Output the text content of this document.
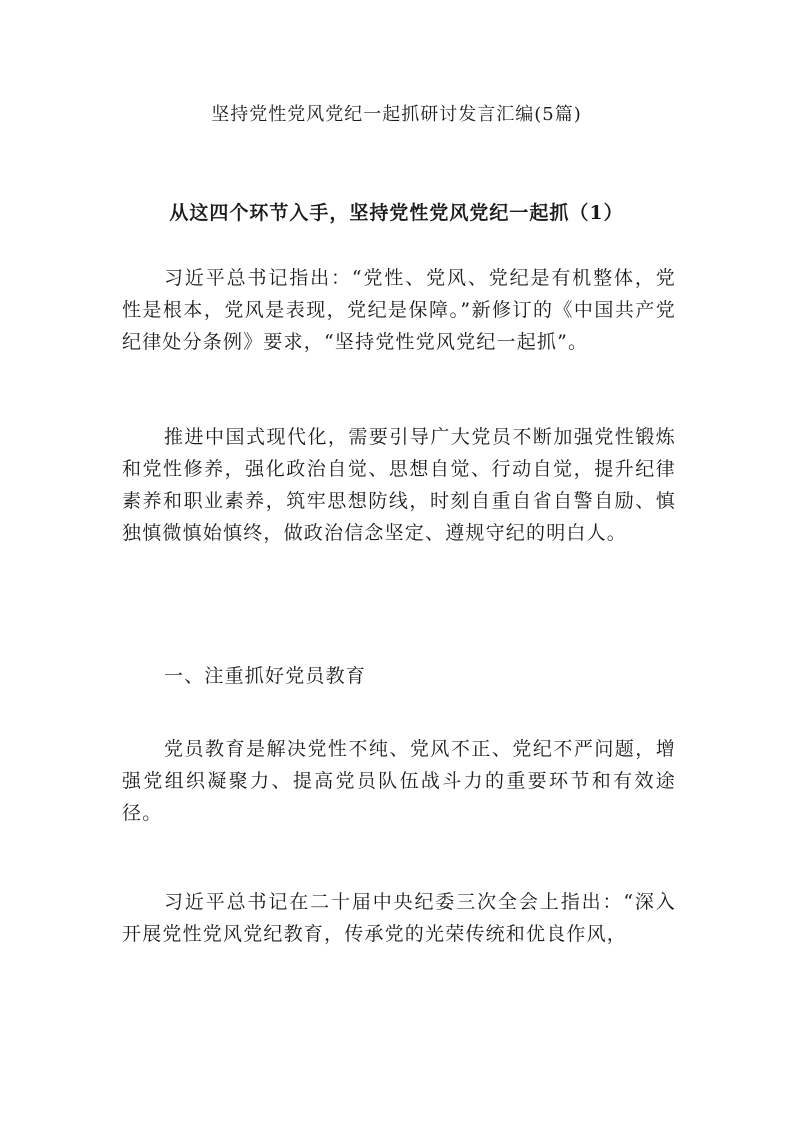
坚持党性党风党纪一起抓研讨发言汇编(5篇)
从这四个环节入手，坚持党性党风党纪一起抓（1）

习近平总书记指出：“党性、党风、党纪是有机整体，党性是根本，党风是表现，党纪是保障。”新修订的《中国共产党纪律处分条例》要求，“坚持党性党风党纪一起抓”。

推进中国式现代化，需要引导广大党员不断加强党性锻炼和党性修养，强化政治自觉、思想自觉、行动自觉，提升纪律素养和职业素养，筑牢思想防线，时刻自重自省自警自励、慎独慎微慎始慎终，做政治信念坚定、遵规守纪的明白人。

一、注重抓好党员教育

党员教育是解决党性不纯、党风不正、党纪不严问题，增强党组织凝聚力、提高党员队伍战斗力的重要环节和有效途径。

习近平总书记在二十届中央纪委三次全会上指出：“深入开展党性党风党纪教育，传承党的光荣传统和优良作风，
